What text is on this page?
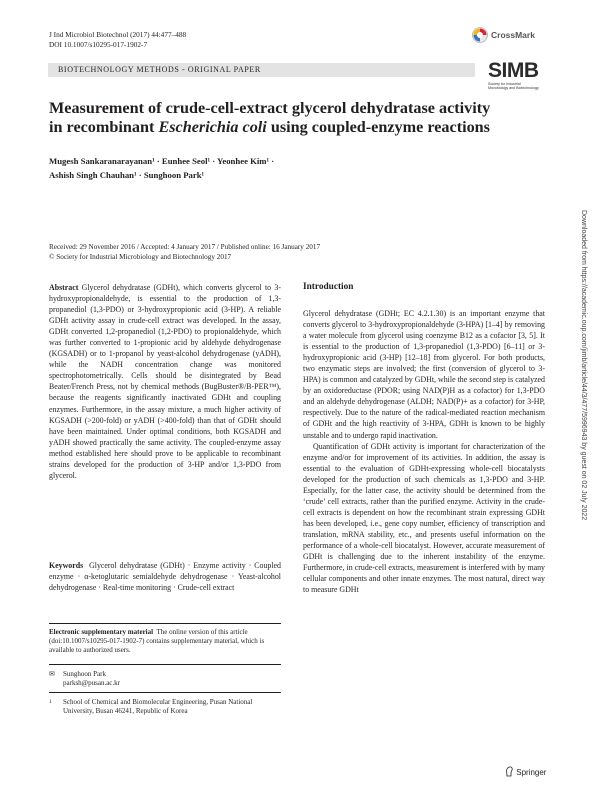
J Ind Microbiol Biotechnol (2017) 44:477–488
DOI 10.1007/s10295-017-1902-7
CrossMark
BIOTECHNOLOGY METHODS - ORIGINAL PAPER	SIMB
Society for Industrial Microbiology and Biotechnology
Measurement of crude-cell-extract glycerol dehydratase activity
in recombinant Escherichia coli using coupled-enzyme reactions
Mugesh Sankaranarayanan¹ · Eunhee Seol¹ · Yeonhee Kim¹ ·
Ashish Singh Chauhan¹ · Sunghoon Park¹
Received: 29 November 2016 / Accepted: 4 January 2017 / Published online: 16 January 2017
© Society for Industrial Microbiology and Biotechnology 2017

Abstract Glycerol dehydratase (GDHt), which converts glycerol to 3-hydroxypropionaldehyde, is essential to the production of 1,3-propanediol (1,3-PDO) or 3-hydroxypropionic acid (3-HP). A reliable GDHt activity assay in crude-cell extract was developed. In the assay, GDHt converted 1,2-propanediol (1,2-PDO) to propionaldehyde, which was further converted to 1-propionic acid by aldehyde dehydrogenase (KGSADH) or to 1-propanol by yeast-alcohol dehydrogenase (yADH), while the NADH concentration change was monitored spectrophotometrically. Cells should be disintegrated by Bead Beater/French Press, not by chemical methods (BugBuster®/B-PER™), because the reagents significantly inactivated GDHt and coupling enzymes. Furthermore, in the assay mixture, a much higher activity of KGSADH (>200-fold) or yADH (>400-fold) than that of GDHt should have been maintained. Under optimal conditions, both KGSADH and yADH showed practically the same activity. The coupled-enzyme assay method established here should prove to be applicable to recombinant strains developed for the production of 3-HP and/or 1,3-PDO from glycerol.

Keywords Glycerol dehydratase (GDHt) · Enzyme activity · Coupled enzyme · α-ketoglutaric semialdehyde dehydrogenase · Yeast-alcohol dehydrogenase · Real-time monitoring · Crude-cell extract

Electronic supplementary material The online version of this article (doi:10.1007/s10295-017-1902-7) contains supplementary material, which is available to authorized users.
✉ Sunghoon Park
parksh@pusan.ac.kr
1 School of Chemical and Biomolecular Engineering, Pusan National University, Busan 46241, Republic of Korea
Introduction

Glycerol dehydratase (GDHt; EC 4.2.1.30) is an important enzyme that converts glycerol to 3-hydroxypropionaldehyde (3-HPA) [1–4] by removing a water molecule from glycerol using coenzyme B12 as a cofactor [3, 5]. It is essential to the production of 1,3-propanediol (1,3-PDO) [6–11] or 3-hydroxypropionic acid (3-HP) [12–18] from glycerol. For both products, two enzymatic steps are involved; the first (conversion of glycerol to 3-HPA) is common and catalyzed by GDHt, while the second step is catalyzed by an oxidoreductase (PDOR; using NAD(P)H as a cofactor) for 1,3-PDO and an aldehyde dehydrogenase (ALDH; NAD(P)+ as a cofactor) for 3-HP, respectively. Due to the nature of the radical-mediated reaction mechanism of GDHt and the high reactivity of 3-HPA, GDHt is known to be highly unstable and to undergo rapid inactivation.

Quantification of GDHt activity is important for characterization of the enzyme and/or for improvement of its activities. In addition, the assay is essential to the evaluation of GDHt-expressing whole-cell biocatalysts developed for the production of such chemicals as 1,3-PDO and 3-HP. Especially, for the latter case, the activity should be determined from the ‘crude’ cell extracts, rather than the purified enzyme. Activity in the crude-cell extracts is dependent on how the recombinant strain expressing GDHt has been developed, i.e., gene copy number, efficiency of transcription and translation, mRNA stability, etc., and presents useful information on the performance of a whole-cell biocatalyst. However, accurate measurement of GDHt is challenging due to the inherent instability of the enzyme. Furthermore, in crude-cell extracts, measurement is interfered with by many cellular components and other innate enzymes. The most natural, direct way to measure GDHt

Downloaded from https://academic.oup.com/jimb/article/44/3/477/5996943 by guest on 02 July 2022
Springer
